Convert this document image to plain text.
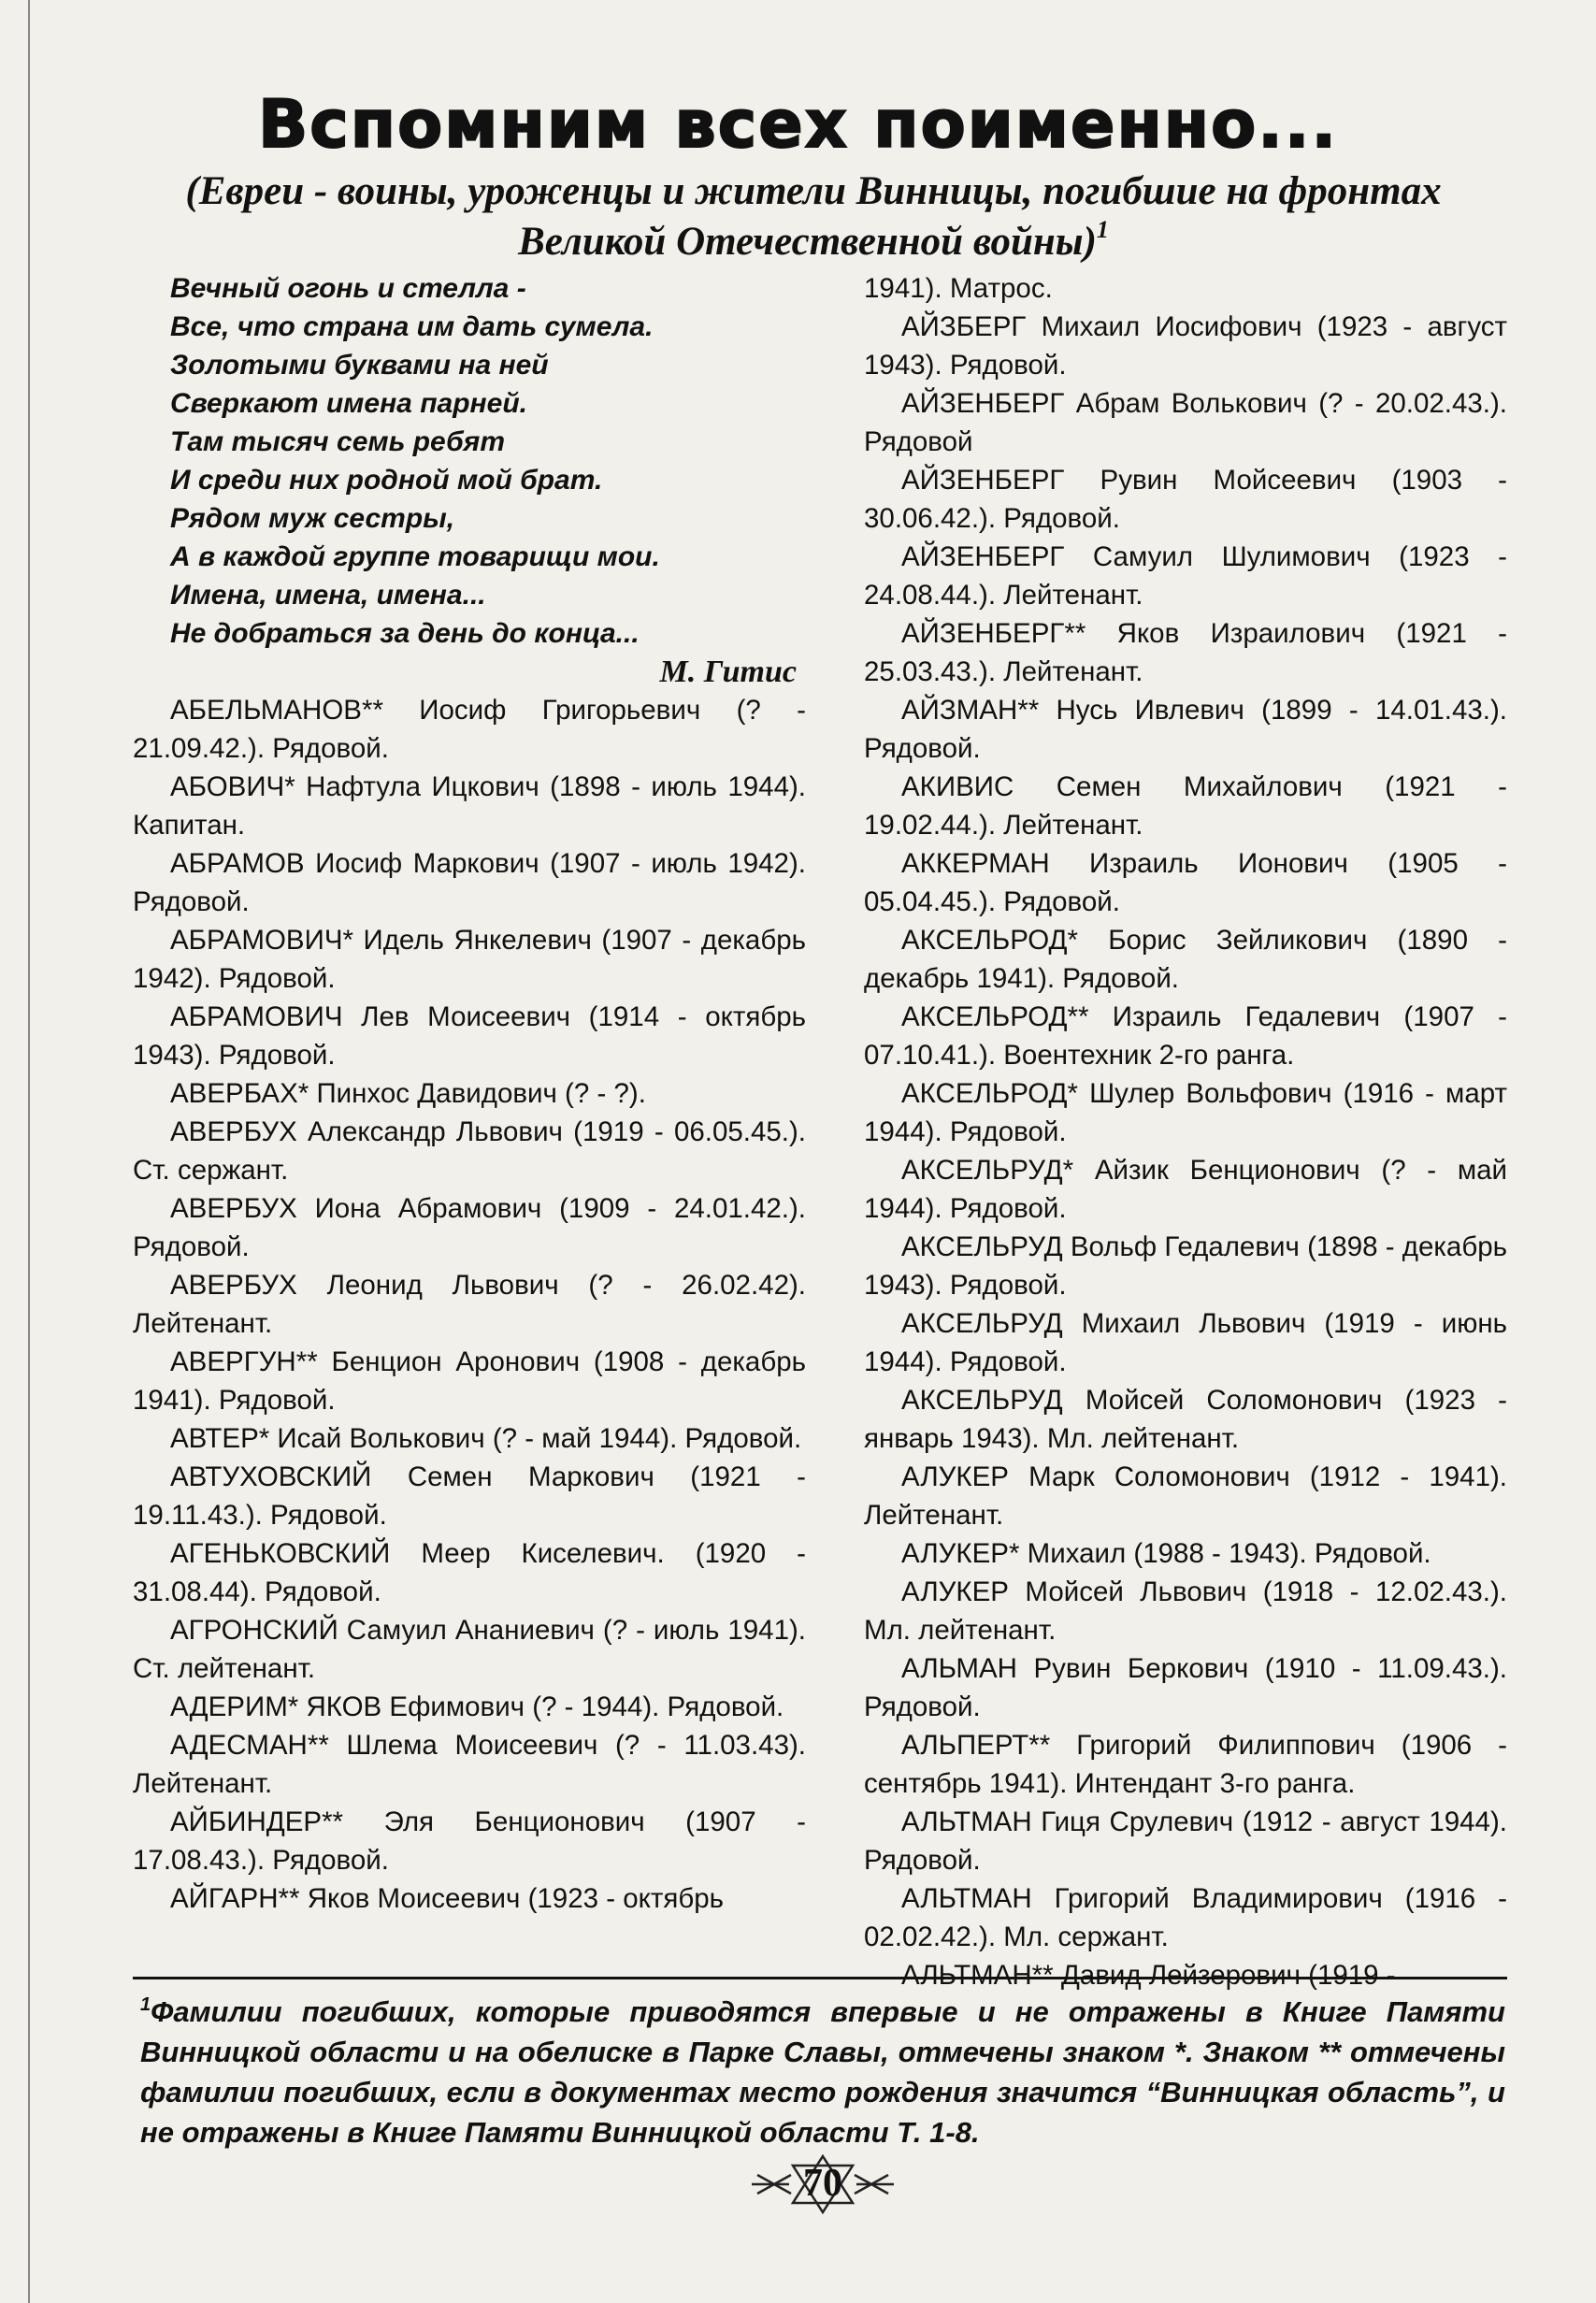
Вспомним всех поименно...
(Евреи - воины, уроженцы и жители Винницы, погибшие на фронтах
Великой Отечественной войны)$^1$
Вечный огонь и стелла -
Все, что страна им дать сумела.
Золотыми буквами на ней
Сверкают имена парней.
Там тысяч семь ребят
И среди них родной мой брат.
Рядом муж сестры,
А в каждой группе товарищи мои.
Имена, имена, имена...
Не добраться за день до конца...
М. Гитис
АБЕЛЬМАНОВ** Иосиф Григорьевич (? - 21.09.42.). Рядовой.
АБОВИЧ* Нафтула Ицкович (1898 - июль 1944). Капитан.
АБРАМОВ Иосиф Маркович (1907 - июль 1942). Рядовой.
АБРАМОВИЧ* Идель Янкелевич (1907 - декабрь 1942). Рядовой.
АБРАМОВИЧ Лев Моисеевич (1914 - октябрь 1943). Рядовой.
АВЕРБАХ* Пинхос Давидович (? - ?).
АВЕРБУХ Александр Львович (1919 - 06.05.45.). Ст. сержант.
АВЕРБУХ Иона Абрамович (1909 - 24.01.42.). Рядовой.
АВЕРБУХ Леонид Львович (? - 26.02.42). Лейтенант.
АВЕРГУН** Бенцион Аронович (1908 - декабрь 1941). Рядовой.
АВТЕР* Исай Волькович (? - май 1944). Рядовой.
АВТУХОВСКИЙ Семен Маркович (1921 - 19.11.43.). Рядовой.
АГЕНЬКОВСКИЙ Меер Киселевич. (1920 - 31.08.44). Рядовой.
АГРОНСКИЙ Самуил Ананиевич (? - июль 1941). Ст. лейтенант.
АДЕРИМ* ЯКОВ Ефимович (? - 1944). Рядовой.
АДЕСМАН** Шлема Моисеевич (? - 11.03.43). Лейтенант.
АЙБИНДЕР** Эля Бенционович (1907 - 17.08.43.). Рядовой.
АЙГАРН** Яков Моисеевич (1923 - октябрь
1941). Матрос.
АЙЗБЕРГ Михаил Иосифович (1923 - август 1943). Рядовой.
АЙЗЕНБЕРГ Абрам Волькович (? - 20.02.43.). Рядовой
АЙЗЕНБЕРГ Рувин Мойсеевич (1903 - 30.06.42.). Рядовой.
АЙЗЕНБЕРГ Самуил Шулимович (1923 - 24.08.44.). Лейтенант.
АЙЗЕНБЕРГ** Яков Израилович (1921 - 25.03.43.). Лейтенант.
АЙЗМАН** Нусь Ивлевич (1899 - 14.01.43.). Рядовой.
АКИВИС Семен Михайлович (1921 - 19.02.44.). Лейтенант.
АККЕРМАН Израиль Ионович (1905 - 05.04.45.). Рядовой.
АКСЕЛЬРОД* Борис Зейликович (1890 - декабрь 1941). Рядовой.
АКСЕЛЬРОД** Израиль Гедалевич (1907 - 07.10.41.). Воентехник 2-го ранга.
АКСЕЛЬРОД* Шулер Вольфович (1916 - март 1944). Рядовой.
АКСЕЛЬРУД* Айзик Бенционович (? - май 1944). Рядовой.
АКСЕЛЬРУД Вольф Гедалевич (1898 - декабрь 1943). Рядовой.
АКСЕЛЬРУД Михаил Львович (1919 - июнь 1944). Рядовой.
АКСЕЛЬРУД Мойсей Соломонович (1923 - январь 1943). Мл. лейтенант.
АЛУКЕР Марк Соломонович (1912 - 1941). Лейтенант.
АЛУКЕР* Михаил (1988 - 1943). Рядовой.
АЛУКЕР Мойсей Львович (1918 - 12.02.43.). Мл. лейтенант.
АЛЬМАН Рувин Беркович (1910 - 11.09.43.). Рядовой.
АЛЬПЕРТ** Григорий Филиппович (1906 - сентябрь 1941). Интендант 3-го ранга.
АЛЬТМАН Гиця Срулевич (1912 - август 1944). Рядовой.
АЛЬТМАН Григорий Владимирович (1916 - 02.02.42.). Мл. сержант.
АЛЬТМАН** Давид Лейзерович (1919 -
$^1$Фамилии погибших, которые приводятся впервые и не отражены в Книге Памяти Винницкой области и на обелиске в Парке Славы, отмечены знаком *. Знаком ** отмечены фамилии погибших, если в документах место рождения значится “Винницкая область”, и не отражены в Книге Памяти Винницкой области Т. 1-8.
70
